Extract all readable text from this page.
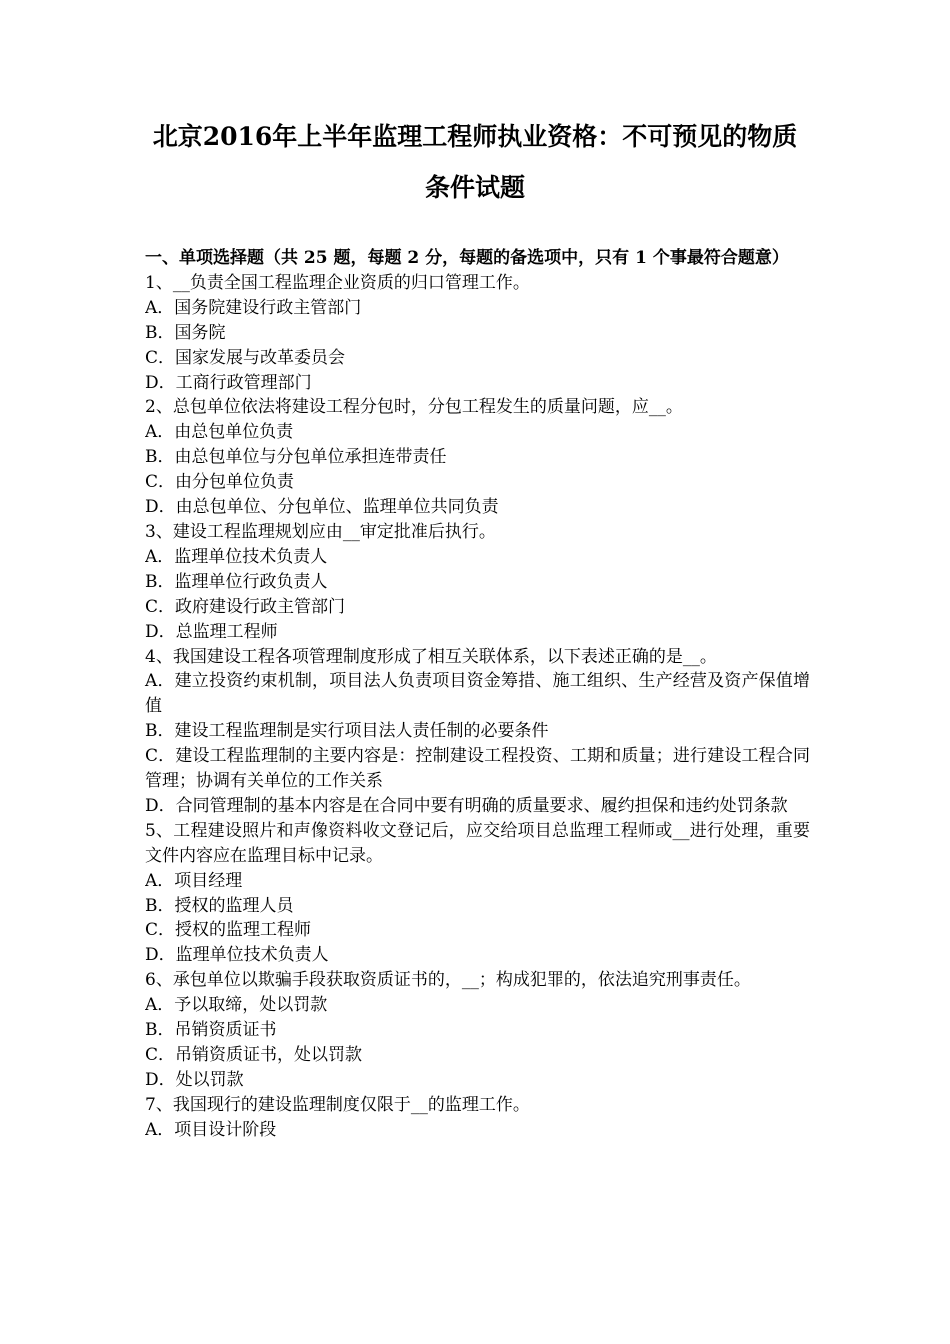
北京2016年上半年监理工程师执业资格：不可预见的物质
条件试题
一、单项选择题（共 25 题，每题 2 分，每题的备选项中，只有 1 个事最符合题意）

1、__负责全国工程监理企业资质的归口管理工作。

A．国务院建设行政主管部门

B．国务院

C．国家发展与改革委员会

D．工商行政管理部门

2、总包单位依法将建设工程分包时，分包工程发生的质量问题，应__。

A．由总包单位负责

B．由总包单位与分包单位承担连带责任

C．由分包单位负责

D．由总包单位、分包单位、监理单位共同负责

3、建设工程监理规划应由__审定批准后执行。

A．监理单位技术负责人

B．监理单位行政负责人

C．政府建设行政主管部门

D．总监理工程师

4、我国建设工程各项管理制度形成了相互关联体系，以下表述正确的是__。

A．建立投资约束机制，项目法人负责项目资金筹措、施工组织、生产经营及资产保值增值

B．建设工程监理制是实行项目法人责任制的必要条件

C．建设工程监理制的主要内容是：控制建设工程投资、工期和质量；进行建设工程合同管理；协调有关单位的工作关系

D．合同管理制的基本内容是在合同中要有明确的质量要求、履约担保和违约处罚条款

5、工程建设照片和声像资料收文登记后，应交给项目总监理工程师或__进行处理，重要文件内容应在监理目标中记录。

A．项目经理

B．授权的监理人员

C．授权的监理工程师

D．监理单位技术负责人

6、承包单位以欺骗手段获取资质证书的，__；构成犯罪的，依法追究刑事责任。

A．予以取缔，处以罚款

B．吊销资质证书

C．吊销资质证书，处以罚款

D．处以罚款

7、我国现行的建设监理制度仅限于__的监理工作。

A．项目设计阶段
